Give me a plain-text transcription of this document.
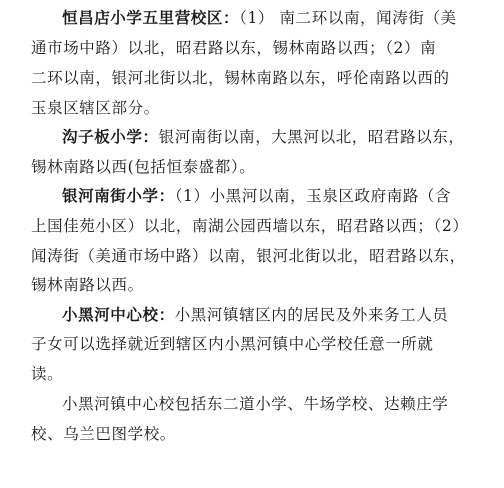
恒昌店小学五里营校区：（1） 南二环以南，闻涛街（美
通市场中路）以北，昭君路以东，锡林南路以西；（2）南
二环以南，银河北街以北，锡林南路以东，呼伦南路以西的
玉泉区辖区部分。
沟子板小学：银河南街以南，大黑河以北，昭君路以东，
锡林南路以西(包括恒泰盛都）。
银河南街小学：（1）小黑河以南，玉泉区政府南路（含
上国佳苑小区）以北，南湖公园西墙以东，昭君路以西；（2）
闻涛街（美通市场中路）以南，银河北街以北，昭君路以东，
锡林南路以西。
小黑河中心校：小黑河镇辖区内的居民及外来务工人员
子女可以选择就近到辖区内小黑河镇中心学校任意一所就
读。
小黑河镇中心校包括东二道小学、牛场学校、达赖庄学
校、乌兰巴图学校。
